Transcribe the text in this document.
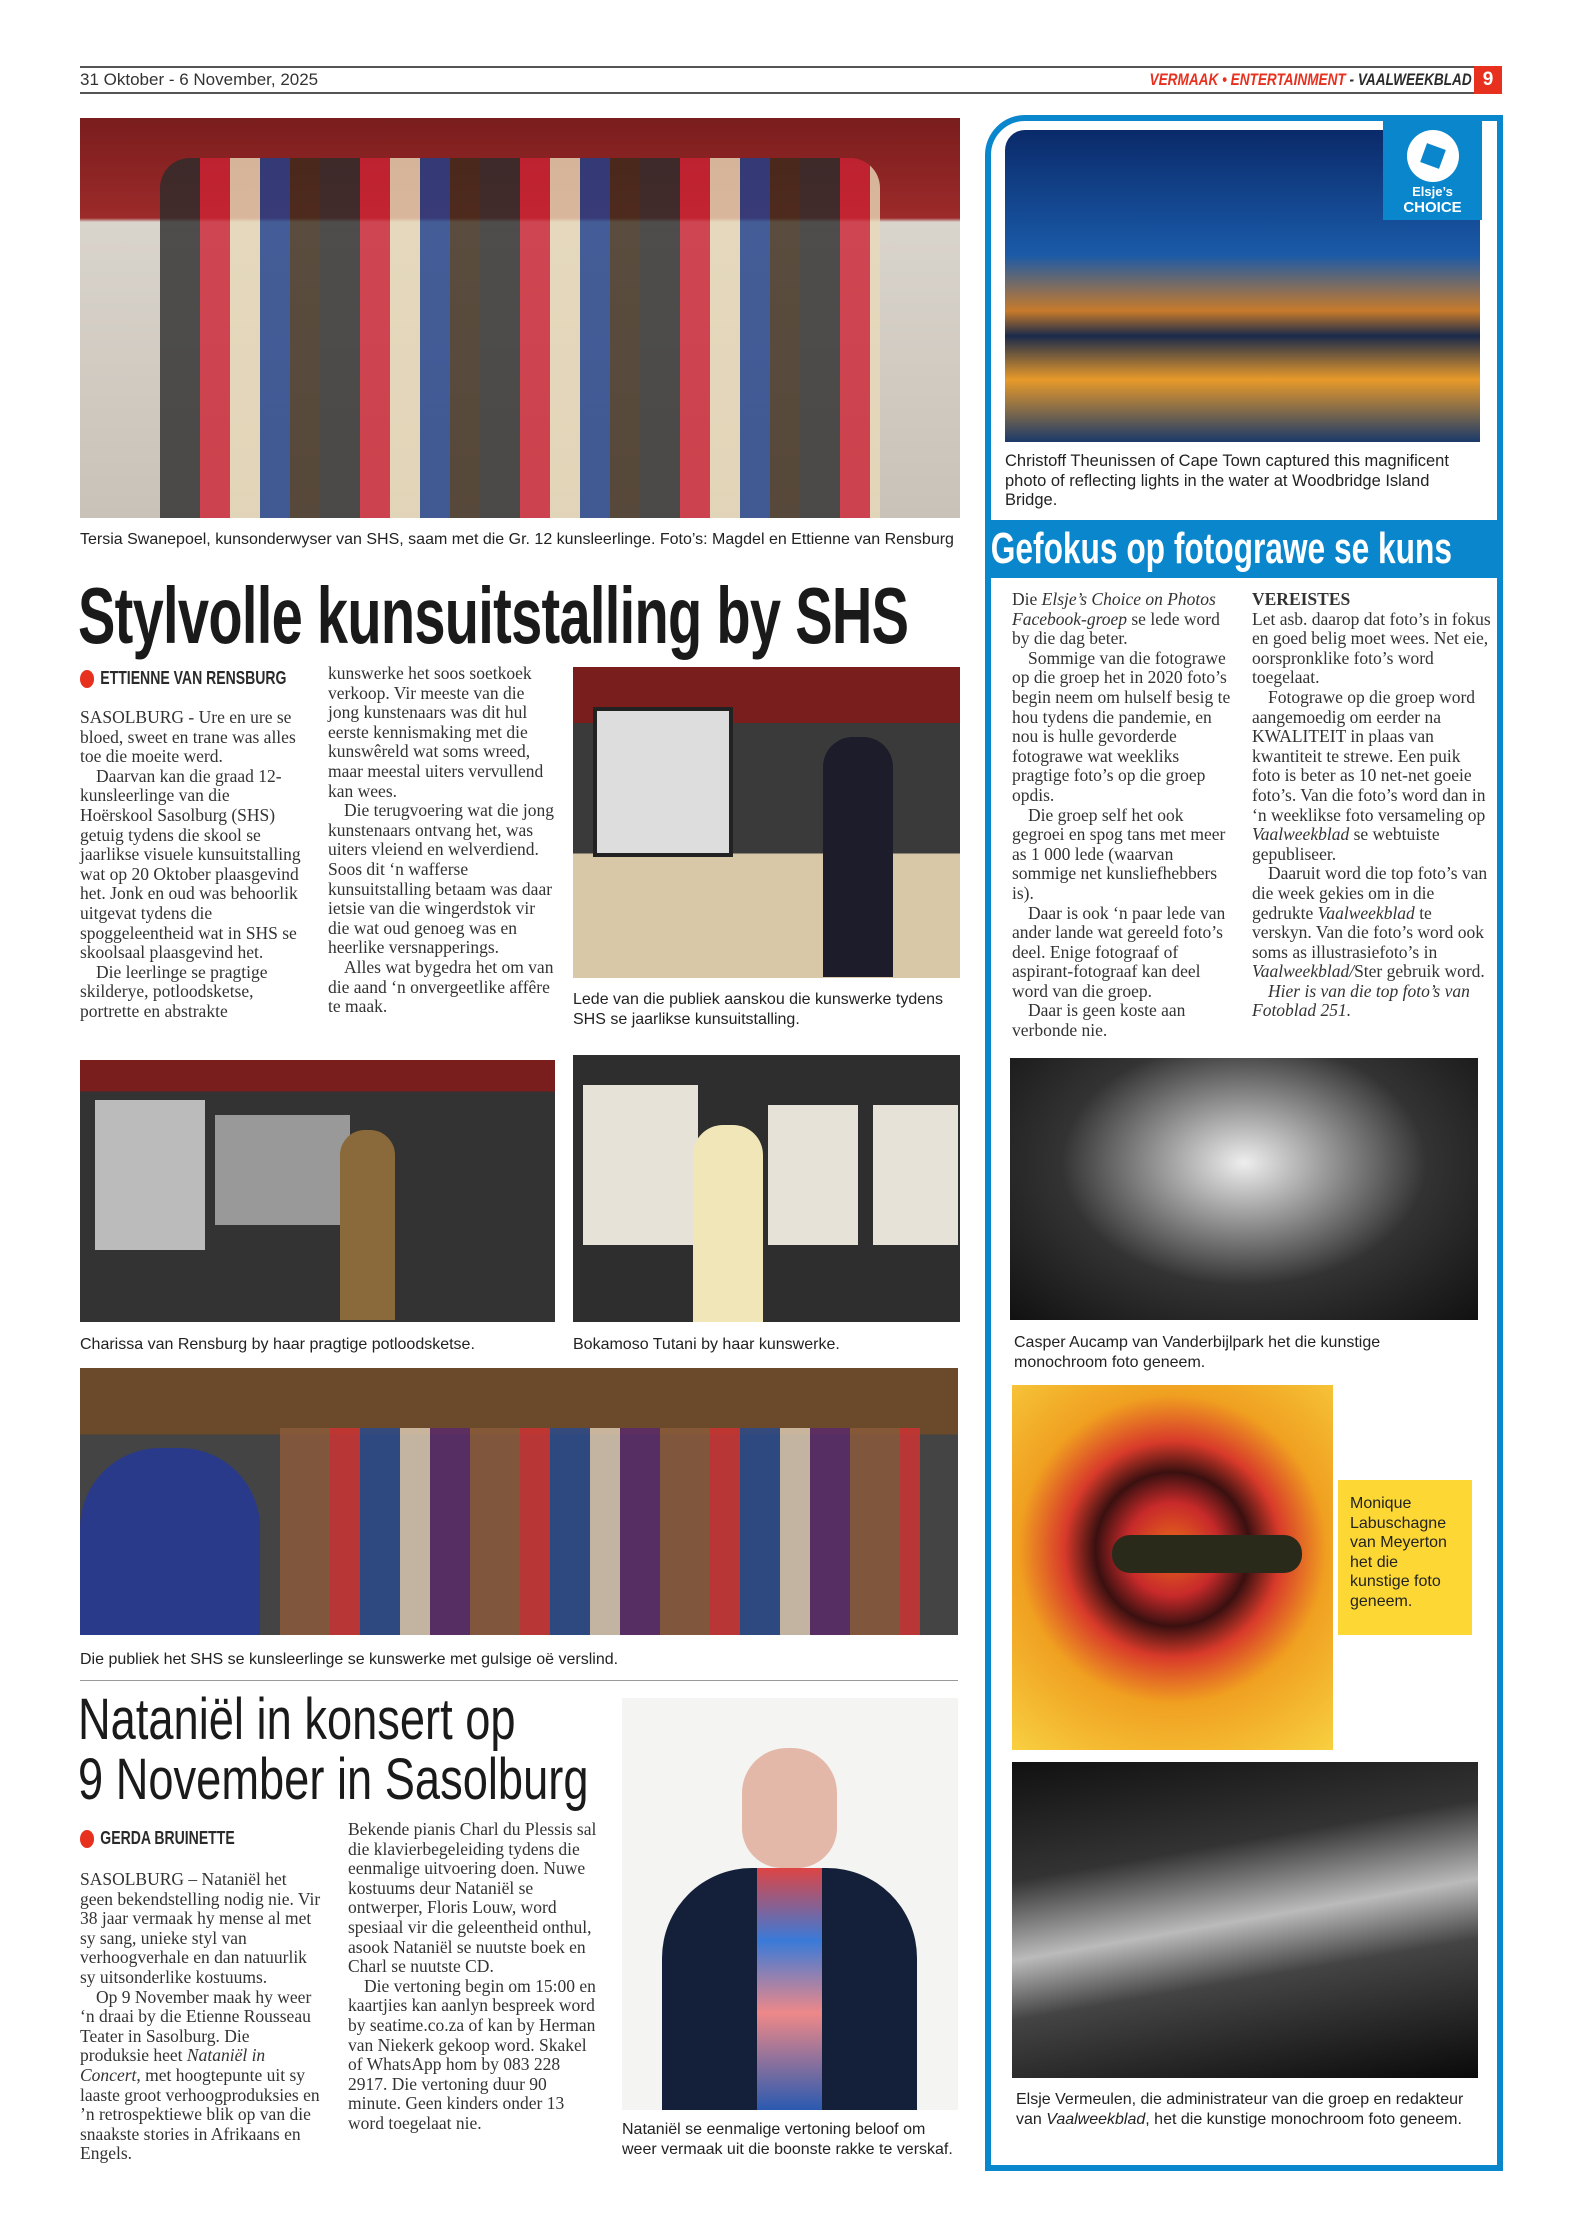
31 Oktober - 6 November, 2025	VERMAAK • ENTERTAINMENT - VAALWEEKBLAD 9
Tersia Swanepoel, kunsonderwyser van SHS, saam met die Gr. 12 kunsleerlinge. Foto’s: Magdel en Ettienne van Rensburg
Stylvolle kunsuitstalling by SHS
ETTIENNE VAN RENSBURG

SASOLBURG - Ure en ure se bloed, sweet en trane was alles toe die moeite werd.

Daarvan kan die graad 12-kunsleerlinge van die Hoërskool Sasolburg (SHS) getuig tydens die skool se jaarlikse visuele kunsuitstalling wat op 20 Oktober plaasgevind het. Jonk en oud was behoorlik uitgevat tydens die spoggeleentheid wat in SHS se skoolsaal plaasgevind het.

Die leerlinge se pragtige skilderye, potloodsketse, portrette en abstrakte

kunswerke het soos soetkoek verkoop. Vir meeste van die jong kunstenaars was dit hul eerste kennismaking met die kunswêreld wat soms wreed, maar meestal uiters vervullend kan wees.

Die terugvoering wat die jong kunstenaars ontvang het, was uiters vleiend en welverdiend. Soos dit ‘n wafferse kunsuitstalling betaam was daar ietsie van die wingerdstok vir die wat oud genoeg was en heerlike versnapperings.

Alles wat bygedra het om van die aand ‘n onvergeetlike affêre te maak.	Lede van die publiek aanskou die kunswerke tydens SHS se jaarlikse kunsuitstalling.
Charissa van Rensburg by haar pragtige potloodsketse.	Bokamoso Tutani by haar kunswerke.
Die publiek het SHS se kunsleerlinge se kunswerke met gulsige oë verslind.
Nataniël in konsert op
9 November in Sasolburg
GERDA BRUINETTE

SASOLBURG – Nataniël het geen bekendstelling nodig nie. Vir 38 jaar vermaak hy mense al met sy sang, unieke styl van verhoogverhale en dan natuurlik sy uitsonderlike kostuums.

Op 9 November maak hy weer ‘n draai by die Etienne Rousseau Teater in Sasolburg. Die produksie heet Nataniël in Concert, met hoogtepunte uit sy laaste groot verhoogproduksies en ’n retrospektiewe blik op van die snaakste stories in Afrikaans en Engels.

Bekende pianis Charl du Plessis sal die klavierbegeleiding tydens die eenmalige uitvoering doen. Nuwe kostuums deur Nataniël se ontwerper, Floris Louw, word spesiaal vir die geleentheid onthul, asook Nataniël se nuutste boek en Charl se nuutste CD.

Die vertoning begin om 15:00 en kaartjies kan aanlyn bespreek word by seatime.co.za of kan by Herman van Niekerk gekoop word. Skakel of WhatsApp hom by 083 228 2917. Die vertoning duur 90 minute. Geen kinders onder 13 word toegelaat nie.	Nataniël se eenmalige vertoning beloof om weer vermaak uit die boonste rakke te verskaf.
Elsje’s
CHOICE
Christoff Theunissen of Cape Town captured this magnificent photo of reflecting lights in the water at Woodbridge Island Bridge.
Gefokus op fotograwe se kuns

Die Elsje’s Choice on Photos Facebook-groep se lede word by die dag beter.

Sommige van die fotograwe op die groep het in 2020 foto’s begin neem om hulself besig te hou tydens die pandemie, en nou is hulle gevorderde fotograwe wat weekliks pragtige foto’s op die groep opdis.

Die groep self het ook gegroei en spog tans met meer as 1 000 lede (waarvan sommige net kunsliefhebbers is).

Daar is ook ‘n paar lede van ander lande wat gereeld foto’s deel. Enige fotograaf of aspirant-fotograaf kan deel word van die groep.

Daar is geen koste aan verbonde nie.

VEREISTES

Let asb. daarop dat foto’s in fokus en goed belig moet wees. Net eie, oorspronklike foto’s word toegelaat.

Fotograwe op die groep word aangemoedig om eerder na KWALITEIT in plaas van kwantiteit te strewe. Een puik foto is beter as 10 net-net goeie foto’s. Van die foto’s word dan in ‘n weeklikse foto versameling op Vaalweekblad se webtuiste gepubliseer.

Daaruit word die top foto’s van die week gekies om in die gedrukte Vaalweekblad te verskyn. Van die foto’s word ook soms as illustrasiefoto’s in Vaalweekblad/Ster gebruik word.

Hier is van die top foto’s van Fotoblad 251.

Casper Aucamp van Vanderbijlpark het die kunstige monochroom foto geneem.
Monique Labuschagne van Meyerton het die kunstige foto geneem.
Elsje Vermeulen, die administrateur van die groep en redakteur van Vaalweekblad, het die kunstige monochroom foto geneem.
